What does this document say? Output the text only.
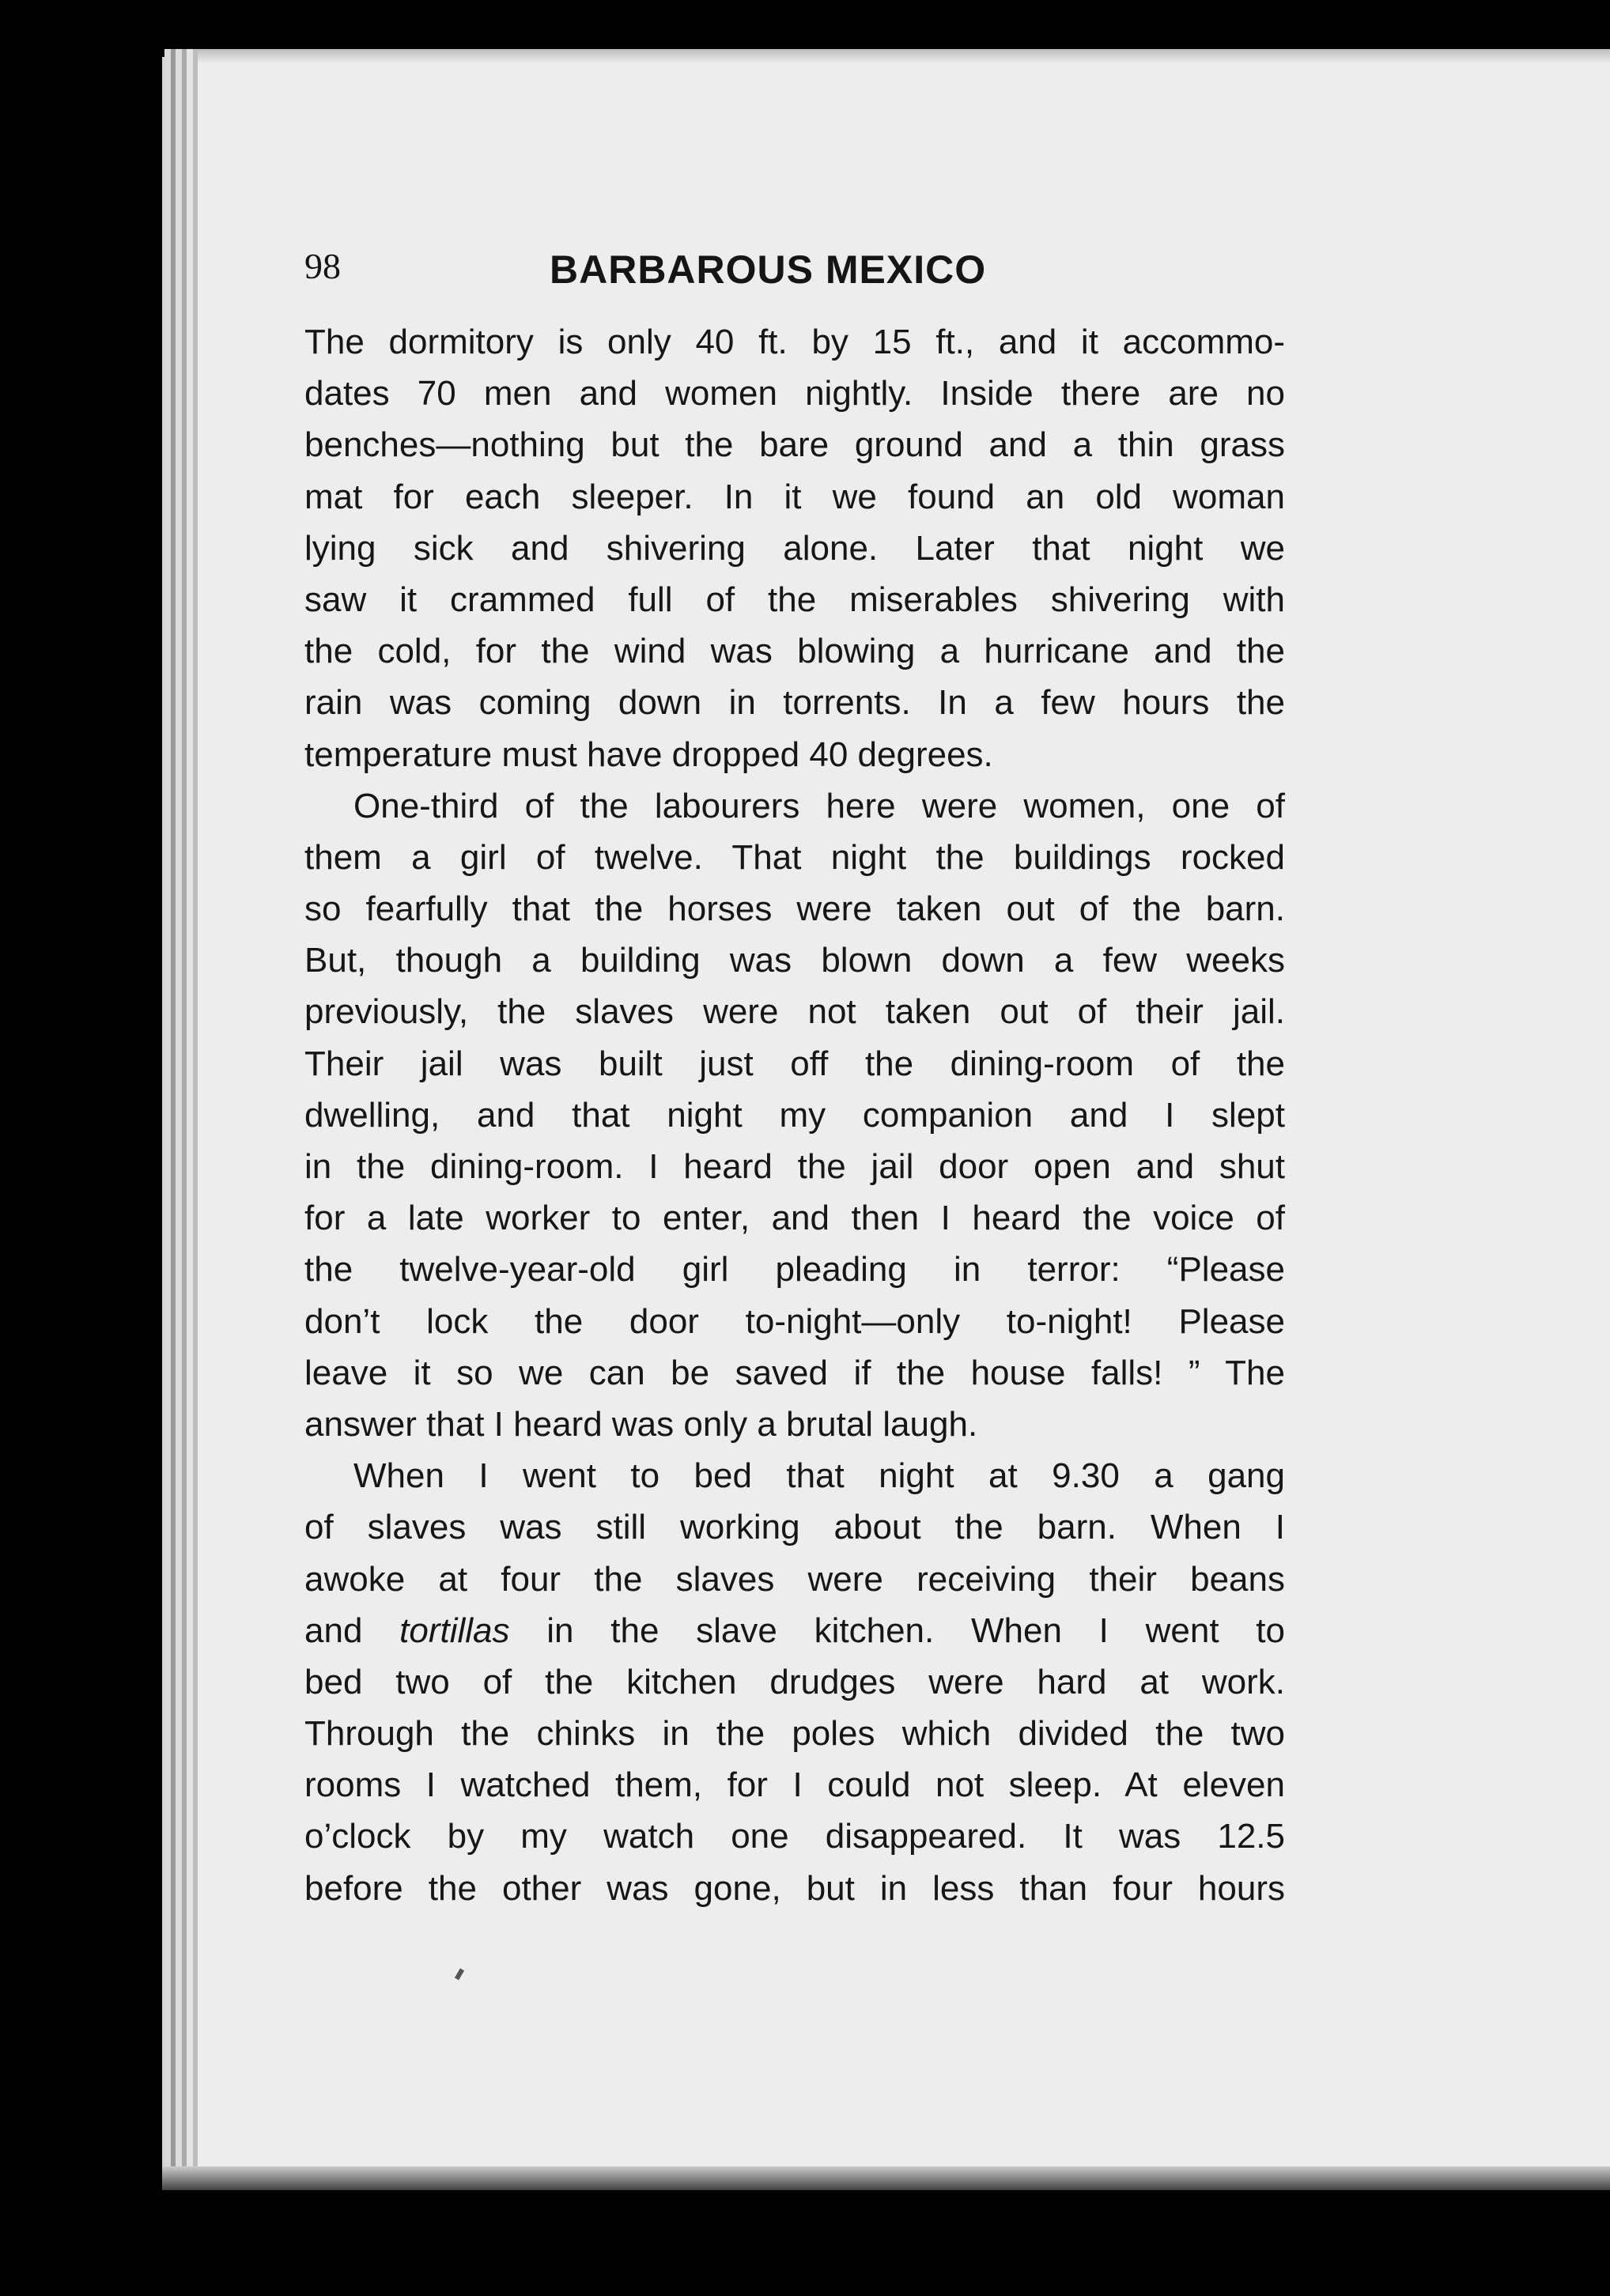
98	BARBAROUS MEXICO

The dormitory is only 40 ft. by 15 ft., and it accommo-
dates 70 men and women nightly. Inside there are no
benches—nothing but the bare ground and a thin grass
mat for each sleeper. In it we found an old woman
lying sick and shivering alone. Later that night we
saw it crammed full of the miserables shivering with
the cold, for the wind was blowing a hurricane and the
rain was coming down in torrents. In a few hours the
temperature must have dropped 40 degrees.

One-third of the labourers here were women, one of
them a girl of twelve. That night the buildings rocked
so fearfully that the horses were taken out of the barn.
But, though a building was blown down a few weeks
previously, the slaves were not taken out of their jail.
Their jail was built just off the dining-room of the
dwelling, and that night my companion and I slept
in the dining-room. I heard the jail door open and shut
for a late worker to enter, and then I heard the voice of
the twelve-year-old girl pleading in terror: “Please
don’t lock the door to-night—only to-night! Please
leave it so we can be saved if the house falls! ” The
answer that I heard was only a brutal laugh.

When I went to bed that night at 9.30 a gang
of slaves was still working about the barn. When I
awoke at four the slaves were receiving their beans
and tortillas in the slave kitchen. When I went to
bed two of the kitchen drudges were hard at work.
Through the chinks in the poles which divided the two
rooms I watched them, for I could not sleep. At eleven
o’clock by my watch one disappeared. It was 12.5
before the other was gone, but in less than four hours
